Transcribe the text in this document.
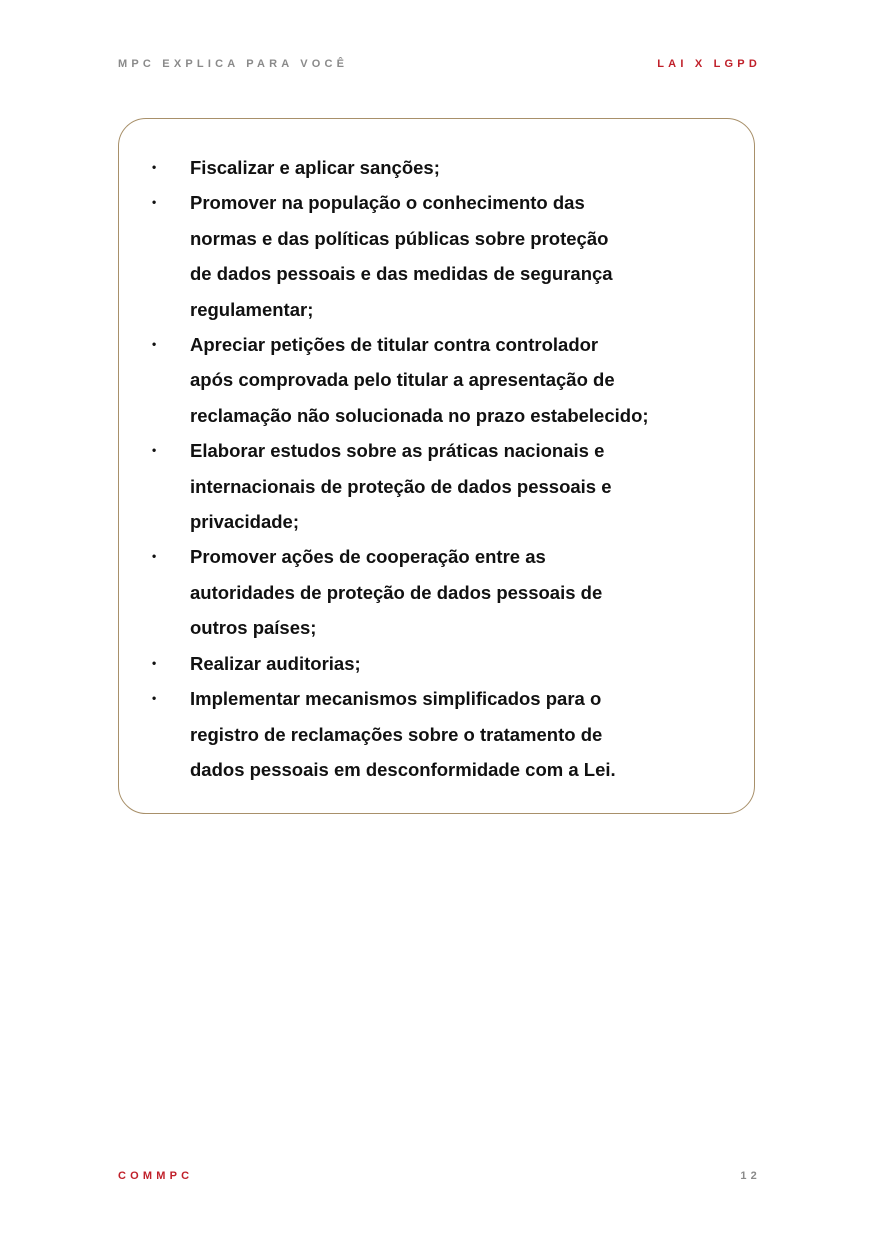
MPC EXPLICA PARA VOCÊ	LAI X LGPD
• Fiscalizar e aplicar sanções;
• Promover na população o conhecimento das
normas e das políticas públicas sobre proteção
de dados pessoais e das medidas de segurança
regulamentar;
• Apreciar petições de titular contra controlador
após comprovada pelo titular a apresentação de
reclamação não solucionada no prazo estabelecido;
• Elaborar estudos sobre as práticas nacionais e
internacionais de proteção de dados pessoais e
privacidade;
• Promover ações de cooperação entre as
autoridades de proteção de dados pessoais de
outros países;
• Realizar auditorias;
• Implementar mecanismos simplificados para o
registro de reclamações sobre o tratamento de
dados pessoais em desconformidade com a Lei.
COMMPC	12
